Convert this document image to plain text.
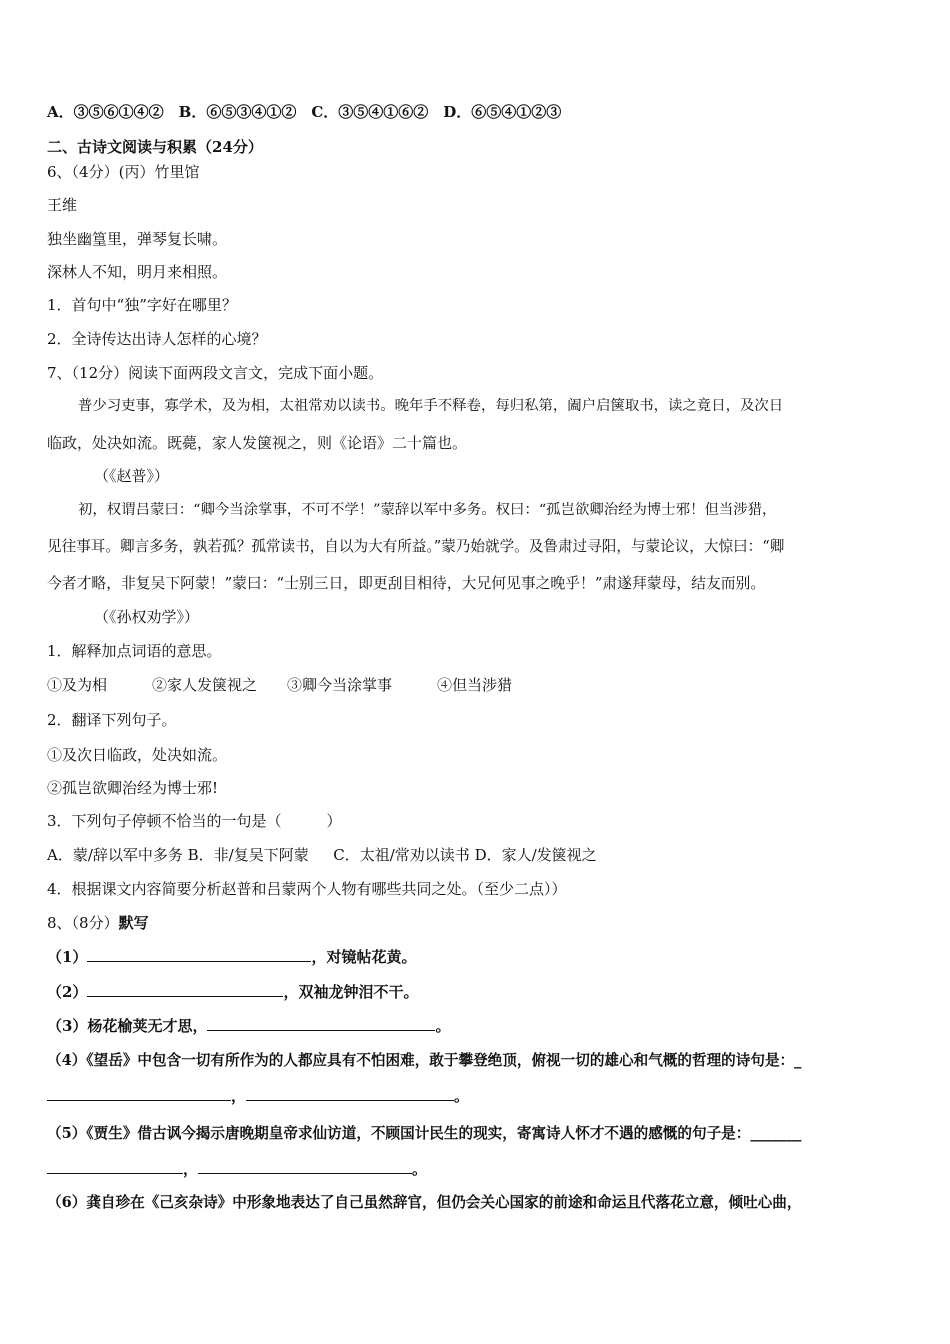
A．③⑤⑥①④②　B．⑥⑤③④①②　C．③⑤④①⑥②　D．⑥⑤④①②③
二、古诗文阅读与积累（24分）
6、（4分）(丙）竹里馆
王维
独坐幽篁里，弹琴复长啸。
深林人不知，明月来相照。
1．首句中“独”字好在哪里？
2．全诗传达出诗人怎样的心境？
7、（12分）阅读下面两段文言文，完成下面小题。
普少习吏事，寡学术，及为相，太祖常劝以读书。晚年手不释卷，每归私第，阖户启箧取书，读之竟日，及次日
临政，处决如流。既薨，家人发箧视之，则《论语》二十篇也。
（《赵普》）
初，权谓吕蒙曰：“卿今当涂掌事，不可不学！”蒙辞以军中多务。权曰：“孤岂欲卿治经为博士邪！但当涉猎，
见往事耳。卿言多务，孰若孤？孤常读书，自以为大有所益。”蒙乃始就学。及鲁肃过寻阳，与蒙论议，大惊曰：“卿
今者才略，非复吴下阿蒙！”蒙曰：“士别三日，即更刮目相待，大兄何见事之晚乎！”肃遂拜蒙母，结友而别。
（《孙权劝学》）
1．解释加点词语的意思。
①及为相　　　②家人发箧视之　　③卿今当涂掌事　　　④但当涉猎
2．翻译下列句子。
①及次日临政，处决如流。
②孤岂欲卿治经为博士邪!
3．下列句子停顿不恰当的一句是（　　　）
A．蒙/辞以军中多务 B．非/复吴下阿蒙 　 C．太祖/常劝以读书 D．家人/发箧视之
4．根据课文内容简要分析赵普和吕蒙两个人物有哪些共同之处。（至少二点））
8、（8分）默写
（1）	，对镜帖花黄。
（2）	，双袖龙钟泪不干。
（3）杨花榆荚无才思，	。
（4）《望岳》中包含一切有所作为的人都应具有不怕困难，敢于攀登绝顶，俯视一切的雄心和气概的哲理的诗句是：_
，	。
（5）《贾生》借古讽今揭示唐晚期皇帝求仙访道，不顾国计民生的现实，寄寓诗人怀才不遇的感慨的句子是：_______
，	。
（6）龚自珍在《己亥杂诗》中形象地表达了自己虽然辞官，但仍会关心国家的前途和命运且代落花立意，倾吐心曲，
